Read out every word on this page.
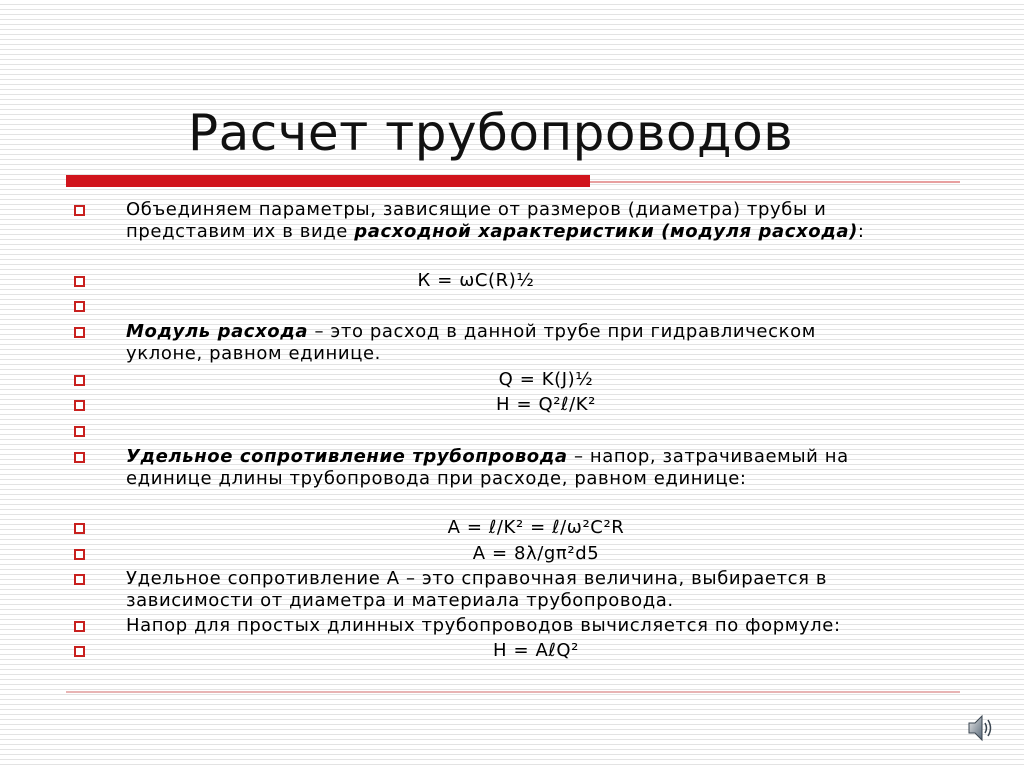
Расчет трубопроводов
Объединяем параметры, зависящие от размеров (диаметра) трубы и
представим их в виде расходной характеристики (модуля расхода):
К = ωС(R)½
Модуль расхода – это расход в данной трубе при гидравлическом
уклоне, равном единице.
Q = K(J)½
H = Q²ℓ/K²
Удельное сопротивление трубопровода – напор, затрачиваемый на
единице длины трубопровода при расходе, равном единице:
A = ℓ/K² = ℓ/ω²C²R
A = 8λ/gπ²d5
Удельное сопротивление А – это справочная величина, выбирается в
зависимости от диаметра и материала трубопровода.
Напор для простых длинных трубопроводов вычисляется по формуле:
H = AℓQ²
